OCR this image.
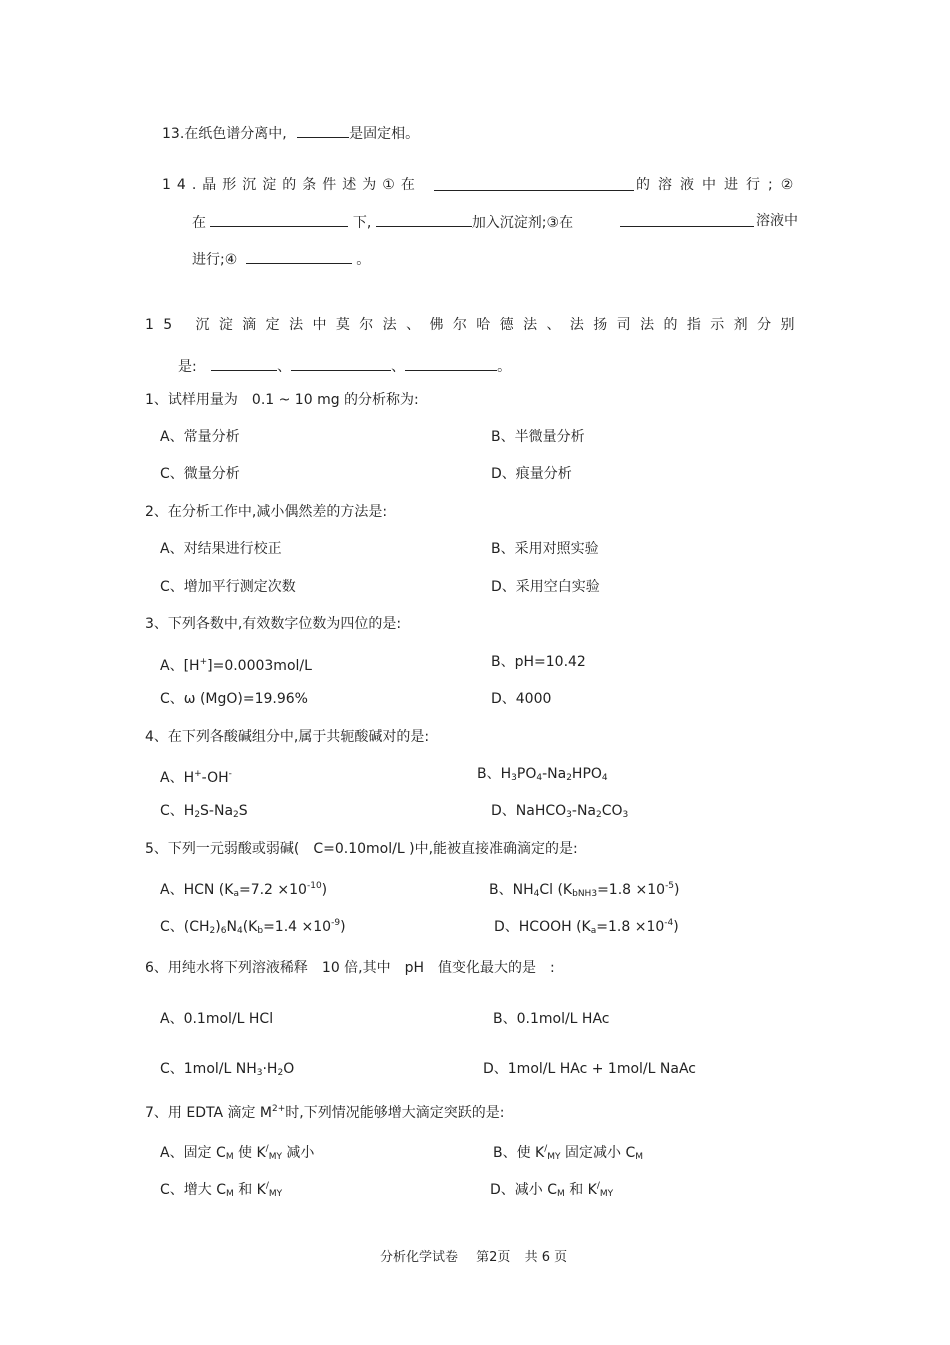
13.在纸色谱分离中,	是固定相。
14.晶形沉淀的条件述为①在	的溶液中进行;②
在	下,	加入沉淀剂;③在	溶液中
进行;④	。
15 沉淀滴定法中莫尔法、佛尔哈德法、法扬司法的指示剂分别
是:	、	、	。
1、试样用量为　0.1 ~ 10 mg 的分析称为:
A、常量分析	B、半微量分析
C、微量分析	D、痕量分析
2、在分析工作中,减小偶然差的方法是:
A、对结果进行校正	B、采用对照实验
C、增加平行测定次数	D、采用空白实验
3、下列各数中,有效数字位数为四位的是:
A、[H+]=0.0003mol/L	B、pH=10.42
C、ω (MgO)=19.96%	D、4000
4、在下列各酸碱组分中,属于共轭酸碱对的是:
A、H+-OH-	B、$H_3PO_4-Na_2HPO_4$
C、$H_2S-Na_2S$	D、$NaHCO_3-Na_2CO_3$
5、下列一元弱酸或弱碱(　C=0.10mol/L )中,能被直接准确滴定的是:
A、HCN $(K_a=7.2 \times 10^{-10})$	B、$NH_4Cl$ $(K_{bNH3}=1.8 \times 10^{-5})$
C、$(CH_2)_6N_4(K_b=1.4 \times 10^{-9})$	D、HCOOH $(K_a=1.8 \times 10^{-4})$
6、用纯水将下列溶液稀释　10 倍,其中　pH　值变化最大的是　:
A、0.1mol/L HCl	B、0.1mol/L HAc
C、1mol/L $NH_3\cdot H_2O$	D、1mol/L HAc + 1mol/L NaAc
7、用 EDTA 滴定 $M^{2+}$时,下列情况能够增大滴定突跃的是:
A、固定 $C_M$ 使 $K^/_{MY}$ 减小	B、使 $K^/_{MY}$ 固定减小 $C_M$
C、增大 $C_M$ 和 $K^/_{MY}$	D、减小 $C_M$ 和 $K^/_{MY}$
分析化学试卷 第2页 共 6 页
